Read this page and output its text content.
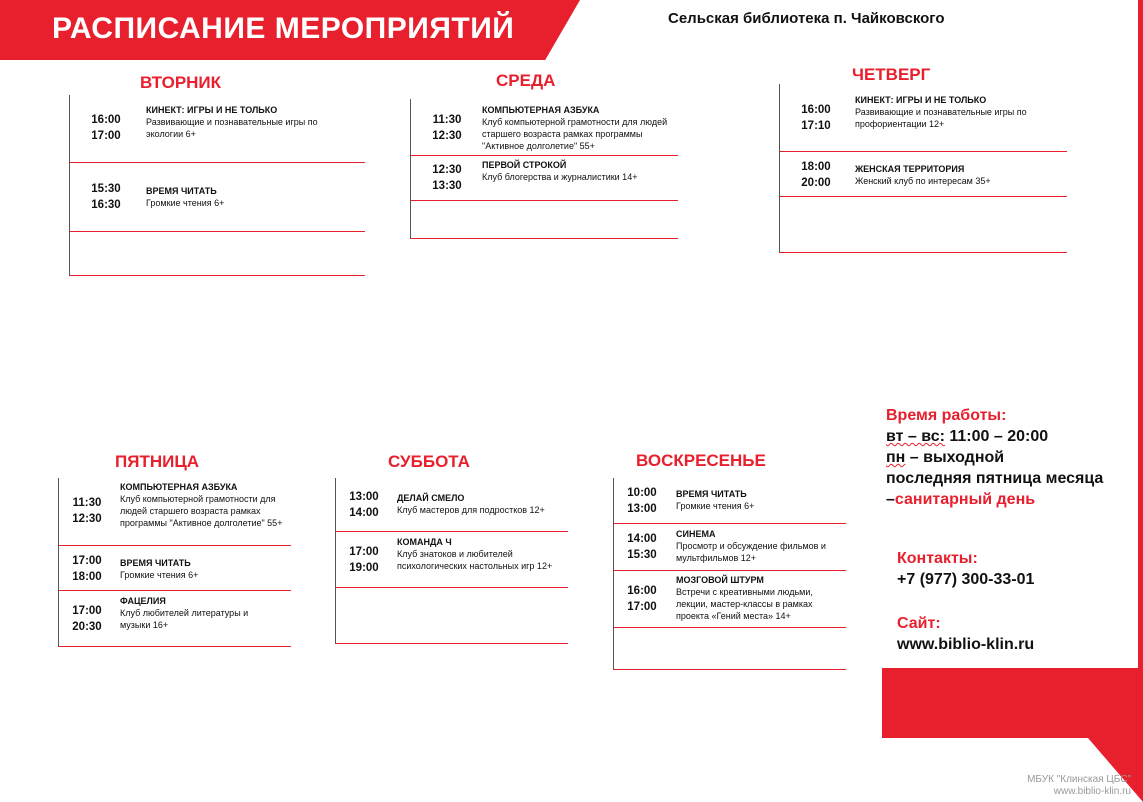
РАСПИСАНИЕ МЕРОПРИЯТИЙ	Сельская библиотека п. Чайковского
ВТОРНИК
16:00
17:00
КИНЕКТ: ИГРЫ И НЕ ТОЛЬКО
Развивающие и познавательные игры по экологии 6+
15:30
16:30
ВРЕМЯ ЧИТАТЬ
Громкие чтения 6+
СРЕДА
11:30
12:30
КОМПЬЮТЕРНАЯ АЗБУКА
Клуб компьютерной грамотности для людей старшего возраста рамках программы "Активное долголетие" 55+
12:30
13:30
ПЕРВОЙ СТРОКОЙ
Клуб блогерства и журналистики 14+
ЧЕТВЕРГ
16:00
17:10
КИНЕКТ: ИГРЫ И НЕ ТОЛЬКО
Развивающие и познавательные игры по профориентации 12+
18:00
20:00
ЖЕНСКАЯ ТЕРРИТОРИЯ
Женский клуб по интересам 35+
ПЯТНИЦА
11:30
12:30
КОМПЬЮТЕРНАЯ АЗБУКА
Клуб компьютерной грамотности для людей старшего возраста рамках программы "Активное долголетие" 55+
17:00
18:00
ВРЕМЯ ЧИТАТЬ
Громкие чтения 6+
17:00
20:30
ФАЦЕЛИЯ
Клуб любителей литературы и музыки 16+
СУББОТА
13:00
14:00
ДЕЛАЙ СМЕЛО
Клуб мастеров для подростков 12+
17:00
19:00
КОМАНДА Ч
Клуб знатоков и любителей психологических настольных игр 12+
ВОСКРЕСЕНЬЕ
10:00
13:00
ВРЕМЯ ЧИТАТЬ
Громкие чтения 6+
14:00
15:30
СИНЕМА
Просмотр и обсуждение фильмов и мультфильмов 12+
16:00
17:00
МОЗГОВОЙ ШТУРМ
Встречи с креативными людьми, лекции, мастер-классы в рамках проекта «Гений места» 14+
Время работы:
вт – вс: 11:00 – 20:00
пн – выходной
последняя пятница месяца
–санитарный день
Контакты:
+7 (977) 300-33-01
Сайт:
www.biblio-klin.ru
МБУК "Клинская ЦБС"
www.biblio-klin.ru
